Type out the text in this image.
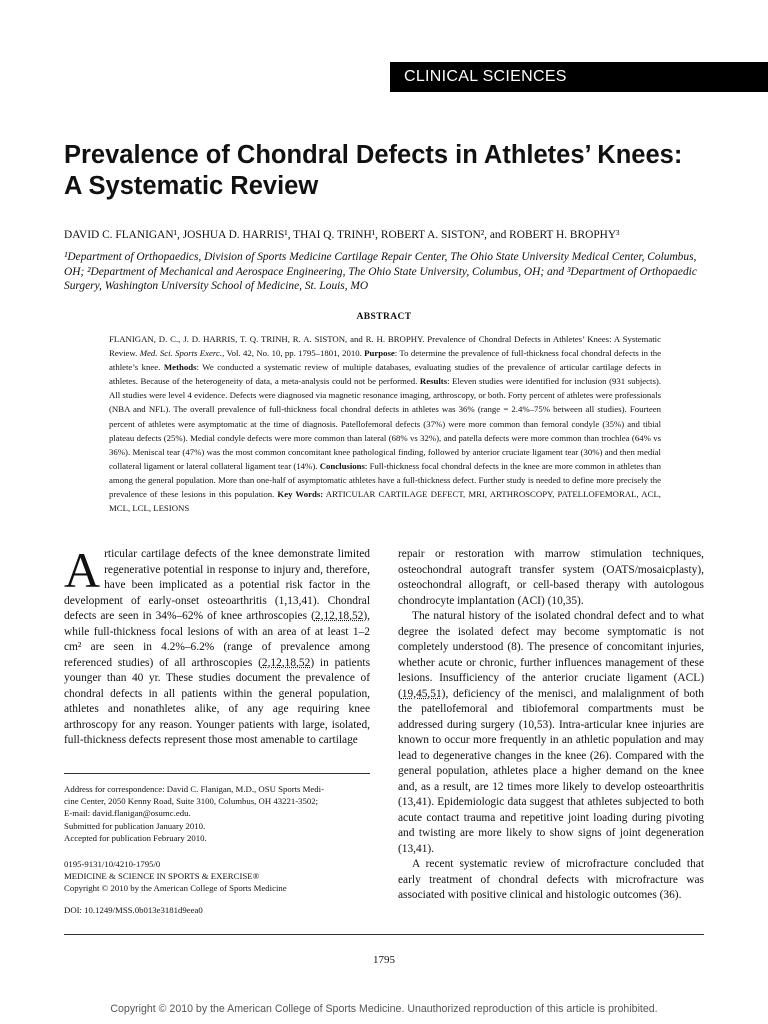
CLINICAL SCIENCES
Prevalence of Chondral Defects in Athletes’ Knees: A Systematic Review
DAVID C. FLANIGAN¹, JOSHUA D. HARRIS¹, THAI Q. TRINH¹, ROBERT A. SISTON², and ROBERT H. BROPHY³
¹Department of Orthopaedics, Division of Sports Medicine Cartilage Repair Center, The Ohio State University Medical Center, Columbus, OH; ²Department of Mechanical and Aerospace Engineering, The Ohio State University, Columbus, OH; and ³Department of Orthopaedic Surgery, Washington University School of Medicine, St. Louis, MO
ABSTRACT

FLANIGAN, D. C., J. D. HARRIS, T. Q. TRINH, R. A. SISTON, and R. H. BROPHY. Prevalence of Chondral Defects in Athletes’ Knees: A Systematic Review. Med. Sci. Sports Exerc., Vol. 42, No. 10, pp. 1795–1801, 2010. Purpose: To determine the prevalence of full-thickness focal chondral defects in the athlete’s knee. Methods: We conducted a systematic review of multiple databases, evaluating studies of the prevalence of articular cartilage defects in athletes. Because of the heterogeneity of data, a meta-analysis could not be performed. Results: Eleven studies were identified for inclusion (931 subjects). All studies were level 4 evidence. Defects were diagnosed via magnetic resonance imaging, arthroscopy, or both. Forty percent of athletes were professionals (NBA and NFL). The overall prevalence of full-thickness focal chondral defects in athletes was 36% (range = 2.4%–75% between all studies). Fourteen percent of athletes were asymptomatic at the time of diagnosis. Patellofemoral defects (37%) were more common than femoral condyle (35%) and tibial plateau defects (25%). Medial condyle defects were more common than lateral (68% vs 32%), and patella defects were more common than trochlea (64% vs 36%). Meniscal tear (47%) was the most common concomitant knee pathological finding, followed by anterior cruciate ligament tear (30%) and then medial collateral ligament or lateral collateral ligament tear (14%). Conclusions: Full-thickness focal chondral defects in the knee are more common in athletes than among the general population. More than one-half of asymptomatic athletes have a full-thickness defect. Further study is needed to define more precisely the prevalence of these lesions in this population. Key Words: ARTICULAR CARTILAGE DEFECT, MRI, ARTHROSCOPY, PATELLOFEMORAL, ACL, MCL, LCL, LESIONS

Articular cartilage defects of the knee demonstrate limited regenerative potential in response to injury and, therefore, have been implicated as a potential risk factor in the development of early-onset osteoarthritis (1,13,41). Chondral defects are seen in 34%–62% of knee arthroscopies (2,12,18,52), while full-thickness focal lesions of with an area of at least 1–2 cm² are seen in 4.2%–6.2% (range of prevalence among referenced studies) of all arthroscopies (2,12,18,52) in patients younger than 40 yr. These studies document the prevalence of chondral defects in all patients within the general population, athletes and nonathletes alike, of any age requiring knee arthroscopy for any reason. Younger patients with large, isolated, full-thickness defects represent those most amenable to cartilage

Address for correspondence: David C. Flanigan, M.D., OSU Sports Medi-
cine Center, 2050 Kenny Road, Suite 3100, Columbus, OH 43221-3502;
E-mail: david.flanigan@osumc.edu.
Submitted for publication January 2010.
Accepted for publication February 2010.
0195-9131/10/4210-1795/0
MEDICINE & SCIENCE IN SPORTS & EXERCISE®
Copyright © 2010 by the American College of Sports Medicine
DOI: 10.1249/MSS.0b013e3181d9eea0

repair or restoration with marrow stimulation techniques, osteochondral autograft transfer system (OATS/mosaicplasty), osteochondral allograft, or cell-based therapy with autologous chondrocyte implantation (ACI) (10,35).

The natural history of the isolated chondral defect and to what degree the isolated defect may become symptomatic is not completely understood (8). The presence of concomitant injuries, whether acute or chronic, further influences management of these lesions. Insufficiency of the anterior cruciate ligament (ACL) (19,45,51), deficiency of the menisci, and malalignment of both the patellofemoral and tibiofemoral compartments must be addressed during surgery (10,53). Intra-articular knee injuries are known to occur more frequently in an athletic population and may lead to degenerative changes in the knee (26). Compared with the general population, athletes place a higher demand on the knee and, as a result, are 12 times more likely to develop osteoarthritis (13,41). Epidemiologic data suggest that athletes subjected to both acute contact trauma and repetitive joint loading during pivoting and twisting are more likely to show signs of joint degeneration (13,41).

A recent systematic review of microfracture concluded that early treatment of chondral defects with microfracture was associated with positive clinical and histologic outcomes (36).

1795
Copyright © 2010 by the American College of Sports Medicine. Unauthorized reproduction of this article is prohibited.
